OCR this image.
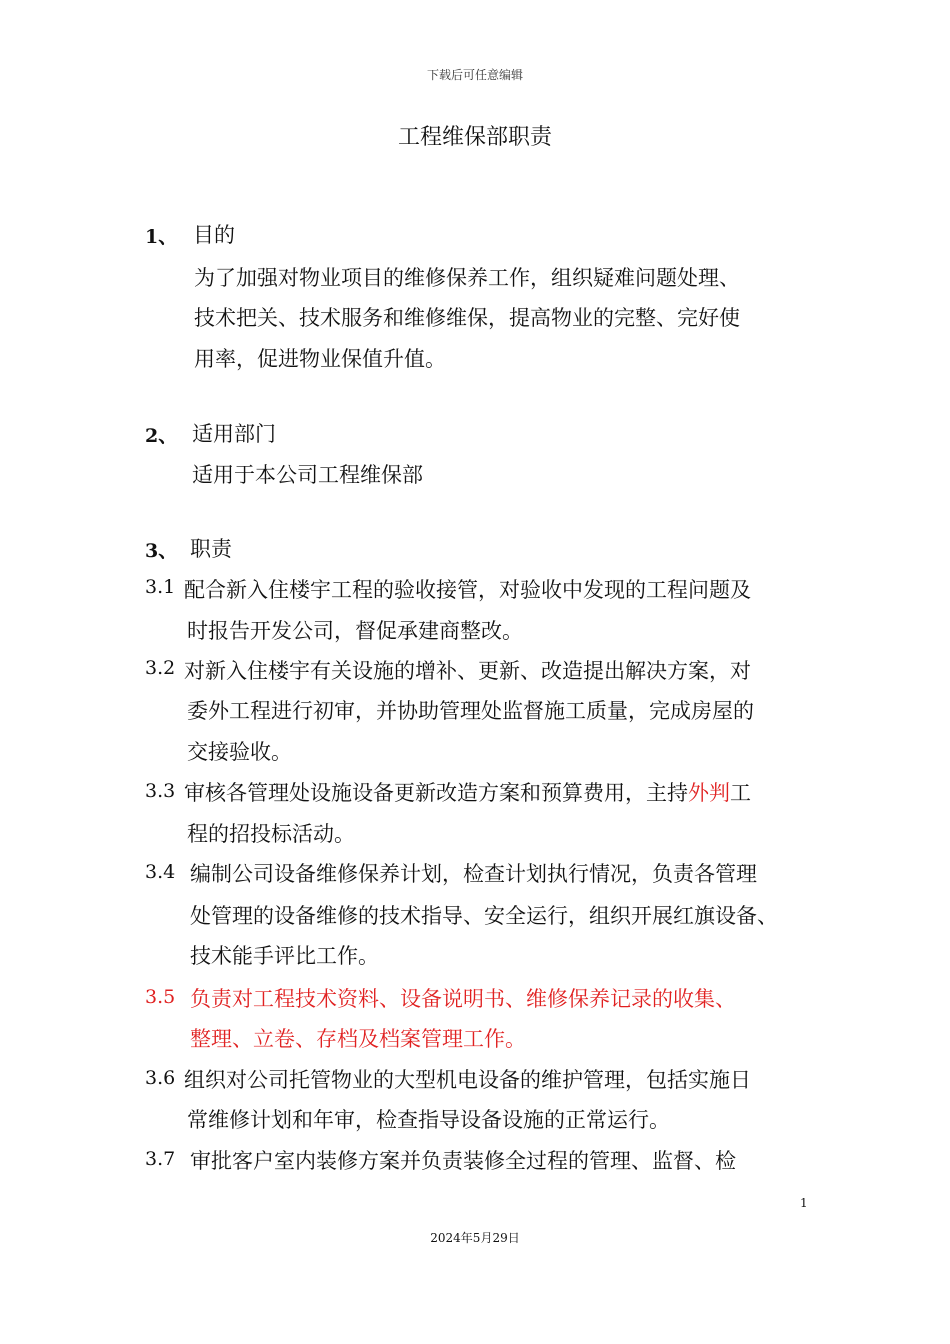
下载后可任意编辑
工程维保部职责
1、 目的
为了加强对物业项目的维修保养工作，组织疑难问题处理、
技术把关、技术服务和维修维保，提高物业的完整、完好使
用率，促进物业保值升值。
2、 适用部门
适用于本公司工程维保部
3、 职责
3.1 配合新入住楼宇工程的验收接管，对验收中发现的工程问题及
时报告开发公司，督促承建商整改。
3.2 对新入住楼宇有关设施的增补、更新、改造提出解决方案，对
委外工程进行初审，并协助管理处监督施工质量，完成房屋的
交接验收。
3.3 审核各管理处设施设备更新改造方案和预算费用，主持外判工
程的招投标活动。
3.4 编制公司设备维修保养计划，检查计划执行情况，负责各管理
处管理的设备维修的技术指导、安全运行，组织开展红旗设备、
技术能手评比工作。
3.5 负责对工程技术资料、设备说明书、维修保养记录的收集、
整理、立卷、存档及档案管理工作。
3.6 组织对公司托管物业的大型机电设备的维护管理，包括实施日
常维修计划和年审，检查指导设备设施的正常运行。
3.7 审批客户室内装修方案并负责装修全过程的管理、监督、检
1
2024年5月29日
